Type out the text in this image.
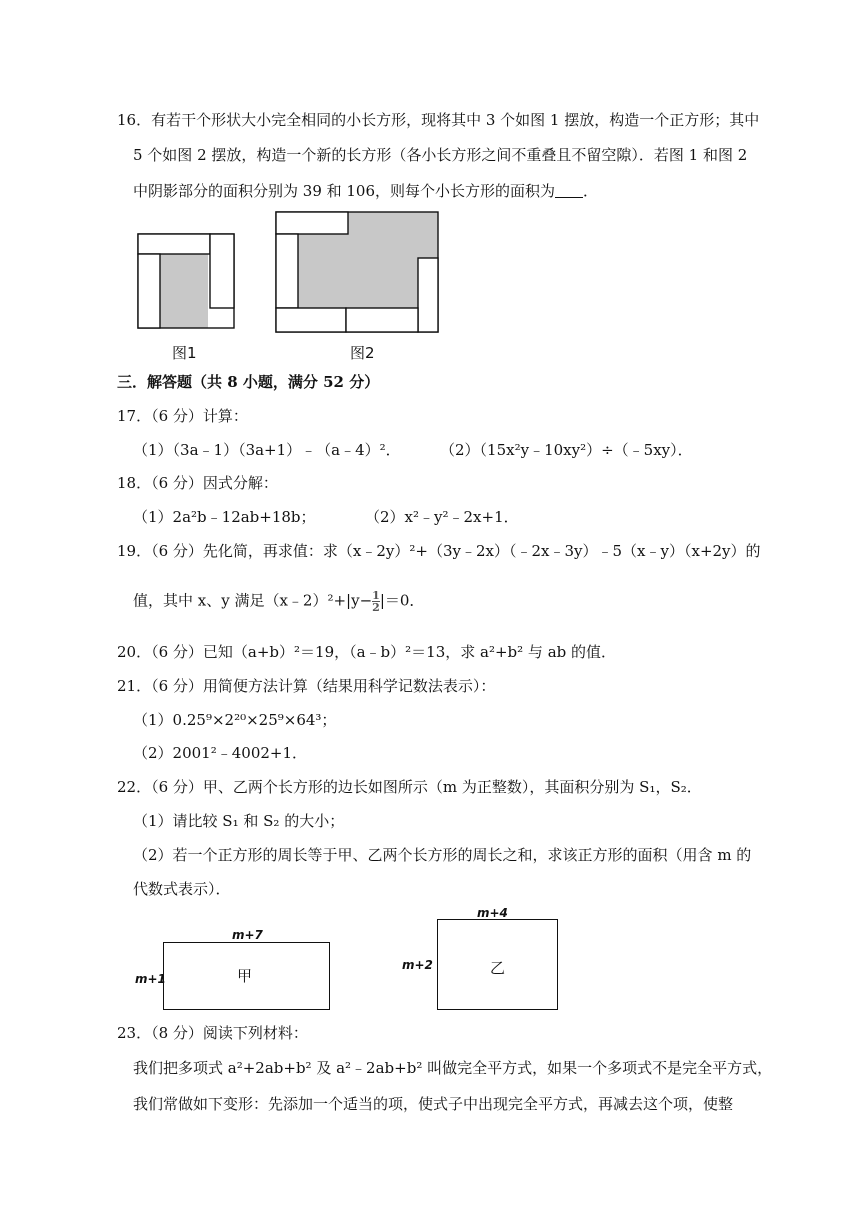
16．有若干个形状大小完全相同的小长方形，现将其中 3 个如图 1 摆放，构造一个正方形；其中
5 个如图 2 摆放，构造一个新的长方形（各小长方形之间不重叠且不留空隙）．若图 1 和图 2
中阴影部分的面积分别为 39 和 106，则每个小长方形的面积为 ．
图1	图2
三．解答题（共 8 小题，满分 52 分）
17．（6 分）计算：
（1）（3a﹣1）（3a+1）﹣（a﹣4）²．	（2）（15x²y﹣10xy²）÷（﹣5xy）．
18．（6 分）因式分解：
（1）2a²b﹣12ab+18b；	（2）x²﹣y²﹣2x+1．
19．（6 分）先化简，再求值：求（x﹣2y）²+（3y﹣2x）（﹣2x﹣3y）﹣5（x﹣y）（x+2y）的
值，其中 x、y 满足（x﹣2）²+|y− $\frac{1}{2} |=0$．
20．（6 分）已知（a+b）²＝19，（a﹣b）²＝13，求 a²+b² 与 ab 的值．
21．（6 分）用简便方法计算（结果用科学记数法表示）：
（1）0.25⁹×2²⁰×25⁹×64³；
（2）2001²﹣4002+1．
22．（6 分）甲、乙两个长方形的边长如图所示（m 为正整数），其面积分别为 S₁，S₂．
（1）请比较 S₁ 和 S₂ 的大小；
（2）若一个正方形的周长等于甲、乙两个长方形的周长之和，求该正方形的面积（用含 m 的
代数式表示）．
m+7
m+1	甲
m+4
m+2	乙
23．（8 分）阅读下列材料：
我们把多项式 a²+2ab+b² 及 a²﹣2ab+b² 叫做完全平方式，如果一个多项式不是完全平方式，
我们常做如下变形：先添加一个适当的项，使式子中出现完全平方式，再减去这个项，使整
